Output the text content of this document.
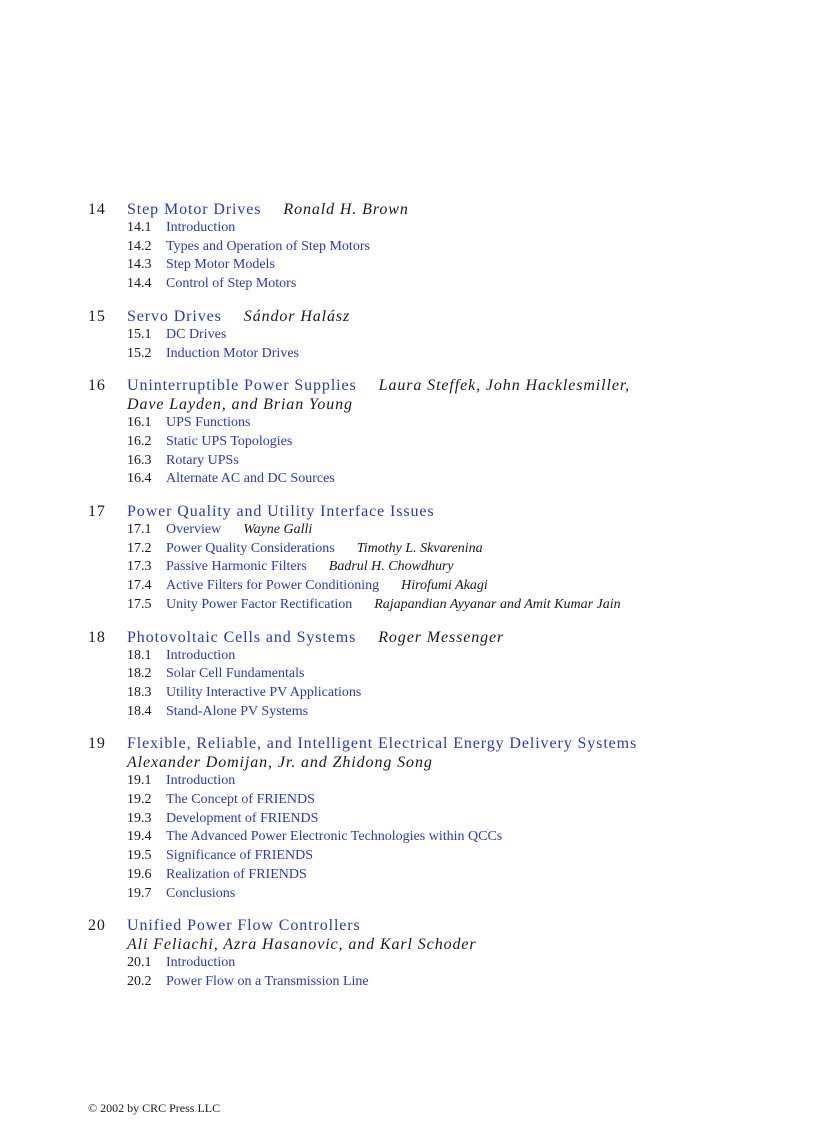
14 Step Motor Drives Ronald H. Brown
14.1 Introduction
14.2 Types and Operation of Step Motors
14.3 Step Motor Models
14.4 Control of Step Motors
15 Servo Drives Sándor Halász
15.1 DC Drives
15.2 Induction Motor Drives
16 Uninterruptible Power Supplies Laura Steffek, John Hacklesmiller,
Dave Layden, and Brian Young
16.1 UPS Functions
16.2 Static UPS Topologies
16.3 Rotary UPSs
16.4 Alternate AC and DC Sources
17 Power Quality and Utility Interface Issues
17.1 Overview Wayne Galli
17.2 Power Quality Considerations Timothy L. Skvarenina
17.3 Passive Harmonic Filters Badrul H. Chowdhury
17.4 Active Filters for Power Conditioning Hirofumi Akagi
17.5 Unity Power Factor Rectification Rajapandian Ayyanar and Amit Kumar Jain
18 Photovoltaic Cells and Systems Roger Messenger
18.1 Introduction
18.2 Solar Cell Fundamentals
18.3 Utility Interactive PV Applications
18.4 Stand-Alone PV Systems
19 Flexible, Reliable, and Intelligent Electrical Energy Delivery Systems
Alexander Domijan, Jr. and Zhidong Song
19.1 Introduction
19.2 The Concept of FRIENDS
19.3 Development of FRIENDS
19.4 The Advanced Power Electronic Technologies within QCCs
19.5 Significance of FRIENDS
19.6 Realization of FRIENDS
19.7 Conclusions
20 Unified Power Flow Controllers
Ali Feliachi, Azra Hasanovic, and Karl Schoder
20.1 Introduction
20.2 Power Flow on a Transmission Line
© 2002 by CRC Press LLC
